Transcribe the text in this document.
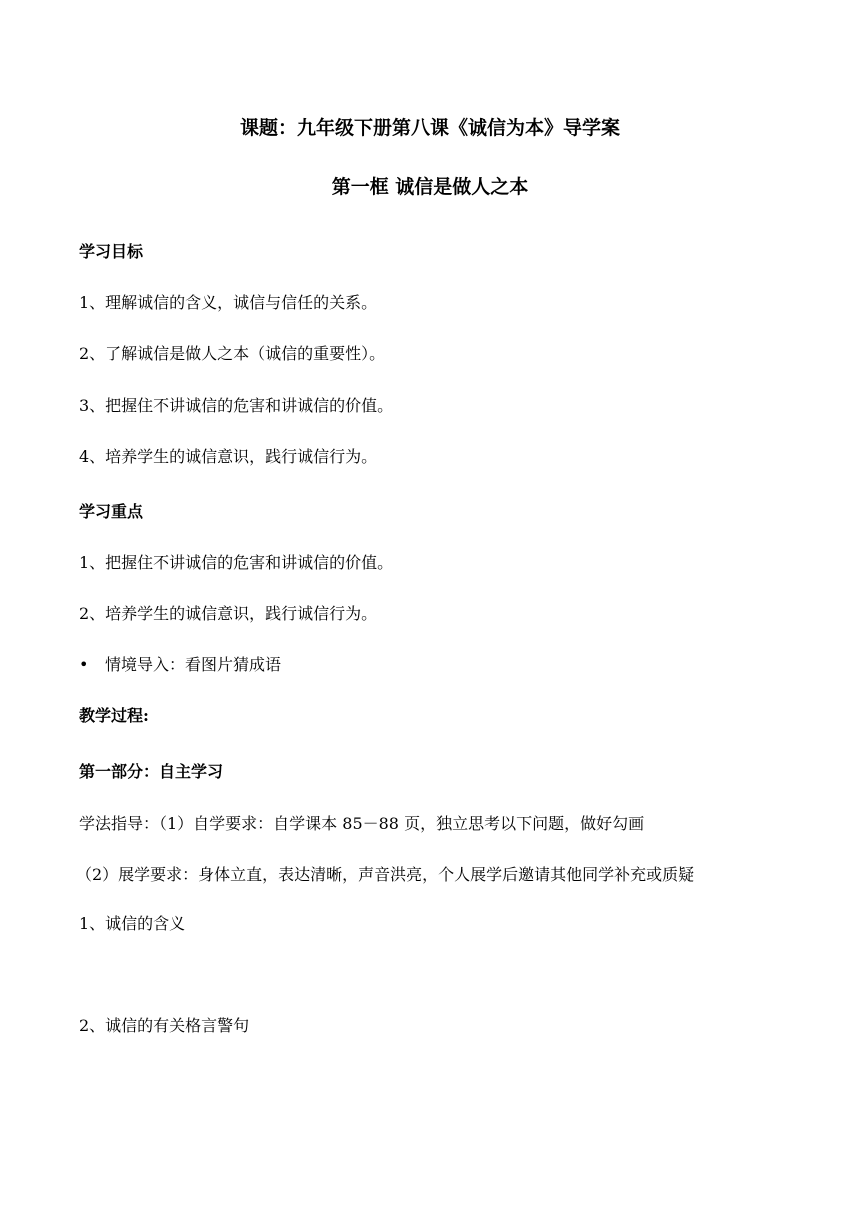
课题：九年级下册第八课《诚信为本》导学案
第一框 诚信是做人之本
学习目标
1、理解诚信的含义，诚信与信任的关系。
2、了解诚信是做人之本（诚信的重要性）。
3、把握住不讲诚信的危害和讲诚信的价值。
4、培养学生的诚信意识，践行诚信行为。
学习重点
1、把握住不讲诚信的危害和讲诚信的价值。
2、培养学生的诚信意识，践行诚信行为。
• 情境导入：看图片猜成语
教学过程:
第一部分：自主学习
学法指导：（1）自学要求：自学课本 85－88 页，独立思考以下问题，做好勾画
（2）展学要求：身体立直，表达清晰，声音洪亮，个人展学后邀请其他同学补充或质疑
1、诚信的含义
2、诚信的有关格言警句
